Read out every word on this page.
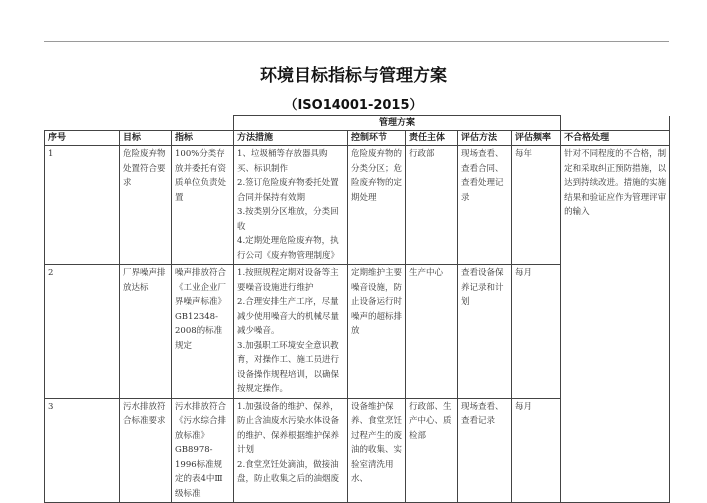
环境目标指标与管理方案
（ISO14001-2015）
			管理方案					
序号	目标	指标	方法措施	控制环节	责任主体	评估方法	评估频率	不合格处理
1	危险废弃物处置符合要求	100%分类存放并委托有资质单位负责处置	1、垃圾桶等存放器具购买、标识制作
2.签订危险废弃物委托处置合同并保持有效期
3.按类别分区堆放，分类回收
4.定期处理危险废弃物，执行公司《废弃物管理制度》	危险废弃物的分类分区；危险废弃物的定期处理	行政部	现场查看、查看合同、查看处理记录	每年	针对不同程度的不合格，制定和采取纠正预防措施，以达到持续改进。措施的实施结果和验证应作为管理评审的输入
2	厂界噪声排放达标	噪声排放符合《工业企业厂界噪声标准》GB12348-2008的标准规定	1.按照规程定期对设备等主要噪音设施进行维护
2.合理安排生产工序，尽量减少使用噪音大的机械尽量减少噪音。
3.加强职工环境安全意识教育，对操作工、施工员进行设备操作规程培训，以确保按规定操作。	定期维护主要噪音设施，防止设备运行时噪声的超标排放	生产中心	查看设备保养记录和计划	每月	
3	污水排放符合标准要求	污水排放符合《污水综合排放标准》GB8978-1996标准规定的表4中Ⅲ级标准	1.加强设备的维护、保养，防止含油废水污染水体设备的维护、保养根据维护保养计划
2.食堂烹饪处滴油，做接油盘，防止收集之后的油烟废	设备维护保养、食堂烹饪过程产生的废油的收集、实验室清洗用水、	行政部、生产中心、质检部	现场查看、查看记录	每月	
